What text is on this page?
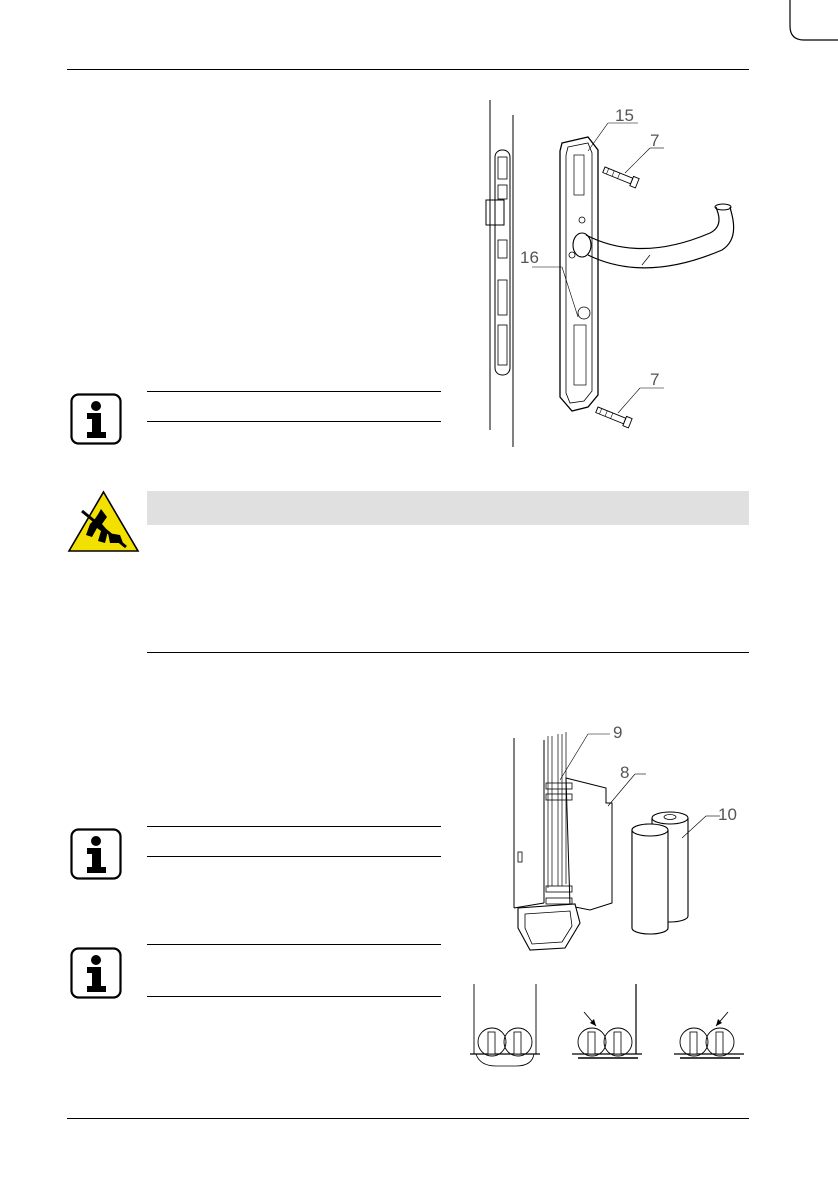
15
7
16
7
9
8
10
